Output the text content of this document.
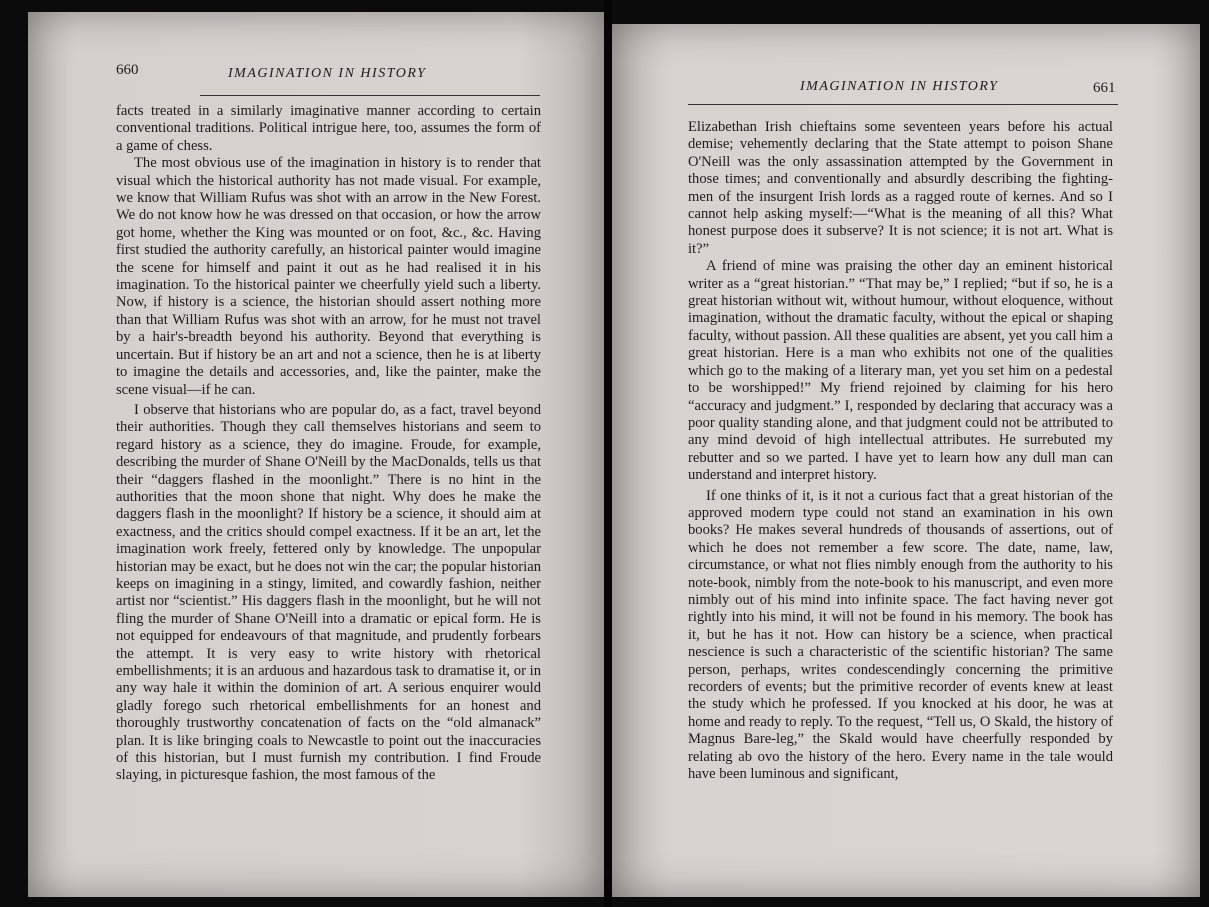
660	IMAGINATION IN HISTORY
IMAGINATION IN HISTORY	661

facts treated in a similarly imaginative manner according to certain conventional traditions. Political intrigue here, too, assumes the form of a game of chess.

The most obvious use of the imagination in history is to render that visual which the historical authority has not made visual. For example, we know that William Rufus was shot with an arrow in the New Forest. We do not know how he was dressed on that occasion, or how the arrow got home, whether the King was mounted or on foot, &c., &c. Having first studied the authority carefully, an historical painter would imagine the scene for himself and paint it out as he had realised it in his imagination. To the historical painter we cheerfully yield such a liberty. Now, if history is a science, the historian should assert nothing more than that William Rufus was shot with an arrow, for he must not travel by a hair's-breadth beyond his authority. Beyond that everything is uncertain. But if history be an art and not a science, then he is at liberty to imagine the details and accessories, and, like the painter, make the scene visual—if he can.

I observe that historians who are popular do, as a fact, travel beyond their authorities. Though they call themselves historians and seem to regard history as a science, they do imagine. Froude, for example, describing the murder of Shane O'Neill by the MacDonalds, tells us that their “daggers flashed in the moonlight.” There is no hint in the authorities that the moon shone that night. Why does he make the daggers flash in the moonlight? If history be a science, it should aim at exactness, and the critics should compel exactness. If it be an art, let the imagination work freely, fettered only by knowledge. The unpopular historian may be exact, but he does not win the car; the popular historian keeps on imagining in a stingy, limited, and cowardly fashion, neither artist nor “scientist.” His daggers flash in the moonlight, but he will not fling the murder of Shane O'Neill into a dramatic or epical form. He is not equipped for endeavours of that magnitude, and prudently forbears the attempt. It is very easy to write history with rhetorical embellishments; it is an arduous and hazardous task to dramatise it, or in any way hale it within the dominion of art. A serious enquirer would gladly forego such rhetorical embellishments for an honest and thoroughly trustworthy concatenation of facts on the “old almanack” plan. It is like bringing coals to Newcastle to point out the inaccuracies of this historian, but I must furnish my contribution. I find Froude slaying, in picturesque fashion, the most famous of the

Elizabethan Irish chieftains some seventeen years before his actual demise; vehemently declaring that the State attempt to poison Shane O'Neill was the only assassination attempted by the Government in those times; and conventionally and absurdly describing the fighting-men of the insurgent Irish lords as a ragged route of kernes. And so I cannot help asking myself:—“What is the meaning of all this? What honest purpose does it subserve? It is not science; it is not art. What is it?”

A friend of mine was praising the other day an eminent historical writer as a “great historian.” “That may be,” I replied; “but if so, he is a great historian without wit, without humour, without eloquence, without imagination, without the dramatic faculty, without the epical or shaping faculty, without passion. All these qualities are absent, yet you call him a great historian. Here is a man who exhibits not one of the qualities which go to the making of a literary man, yet you set him on a pedestal to be worshipped!” My friend rejoined by claiming for his hero “accuracy and judgment.” I, responded by declaring that accuracy was a poor quality standing alone, and that judgment could not be attributed to any mind devoid of high intellectual attributes. He surrebuted my rebutter and so we parted. I have yet to learn how any dull man can understand and interpret history.

If one thinks of it, is it not a curious fact that a great historian of the approved modern type could not stand an examination in his own books? He makes several hundreds of thousands of assertions, out of which he does not remember a few score. The date, name, law, circumstance, or what not flies nimbly enough from the authority to his note-book, nimbly from the note-book to his manuscript, and even more nimbly out of his mind into infinite space. The fact having never got rightly into his mind, it will not be found in his memory. The book has it, but he has it not. How can history be a science, when practical nescience is such a characteristic of the scientific historian? The same person, perhaps, writes condescendingly concerning the primitive recorders of events; but the primitive recorder of events knew at least the study which he professed. If you knocked at his door, he was at home and ready to reply. To the request, “Tell us, O Skald, the history of Magnus Bare-leg,” the Skald would have cheerfully responded by relating ab ovo the history of the hero. Every name in the tale would have been luminous and significant,
